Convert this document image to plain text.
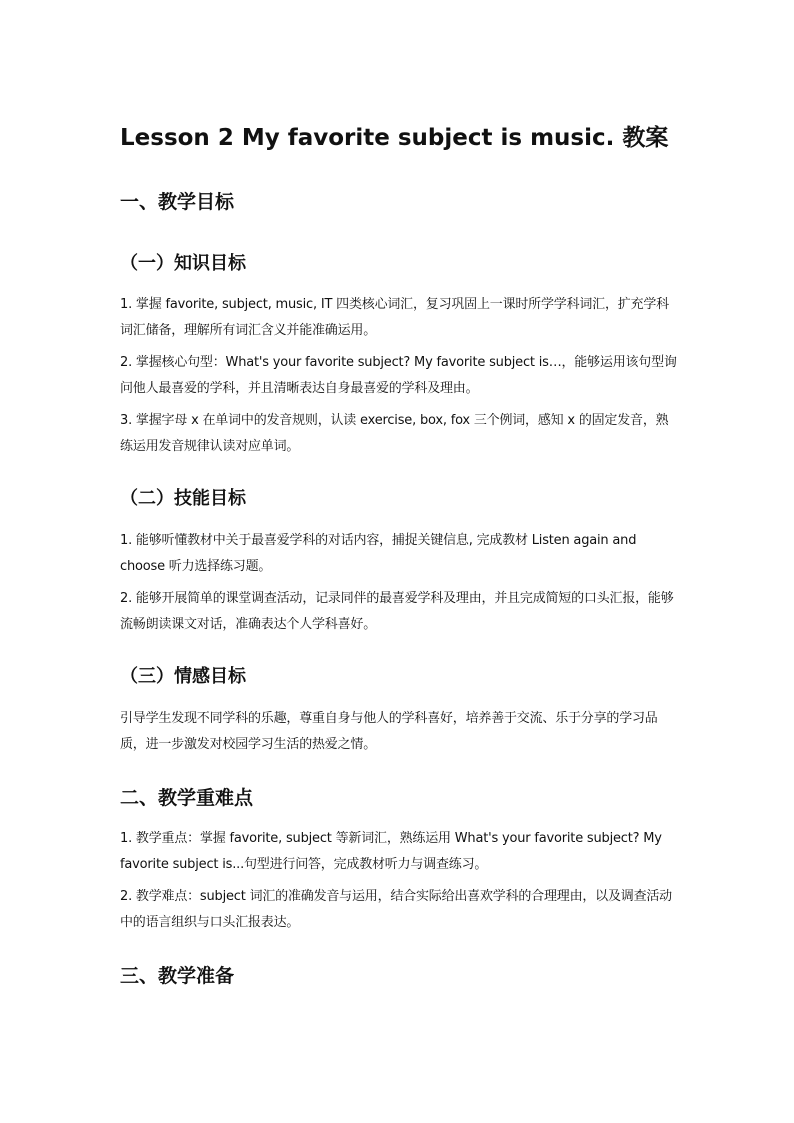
Lesson 2 My favorite subject is music. 教案
一、教学目标
（一）知识目标

1. 掌握 favorite, subject, music, IT 四类核心词汇，复习巩固上一课时所学学科词汇，扩充学科词汇储备，理解所有词汇含义并能准确运用。

2. 掌握核心句型：What's your favorite subject? My favorite subject is…，能够运用该句型询问他人最喜爱的学科，并且清晰表达自身最喜爱的学科及理由。

3. 掌握字母 x 在单词中的发音规则，认读 exercise, box, fox 三个例词，感知 x 的固定发音，熟练运用发音规律认读对应单词。

（二）技能目标

1. 能够听懂教材中关于最喜爱学科的对话内容，捕捉关键信息, 完成教材 Listen again and choose 听力选择练习题。

2. 能够开展简单的课堂调查活动，记录同伴的最喜爱学科及理由，并且完成简短的口头汇报，能够流畅朗读课文对话，准确表达个人学科喜好。

（三）情感目标

引导学生发现不同学科的乐趣，尊重自身与他人的学科喜好，培养善于交流、乐于分享的学习品质，进一步激发对校园学习生活的热爱之情。

二、教学重难点

1. 教学重点：掌握 favorite, subject 等新词汇，熟练运用 What's your favorite subject? My favorite subject is...句型进行问答，完成教材听力与调查练习。

2. 教学难点：subject 词汇的准确发音与运用，结合实际给出喜欢学科的合理理由，以及调查活动中的语言组织与口头汇报表达。

三、教学准备
